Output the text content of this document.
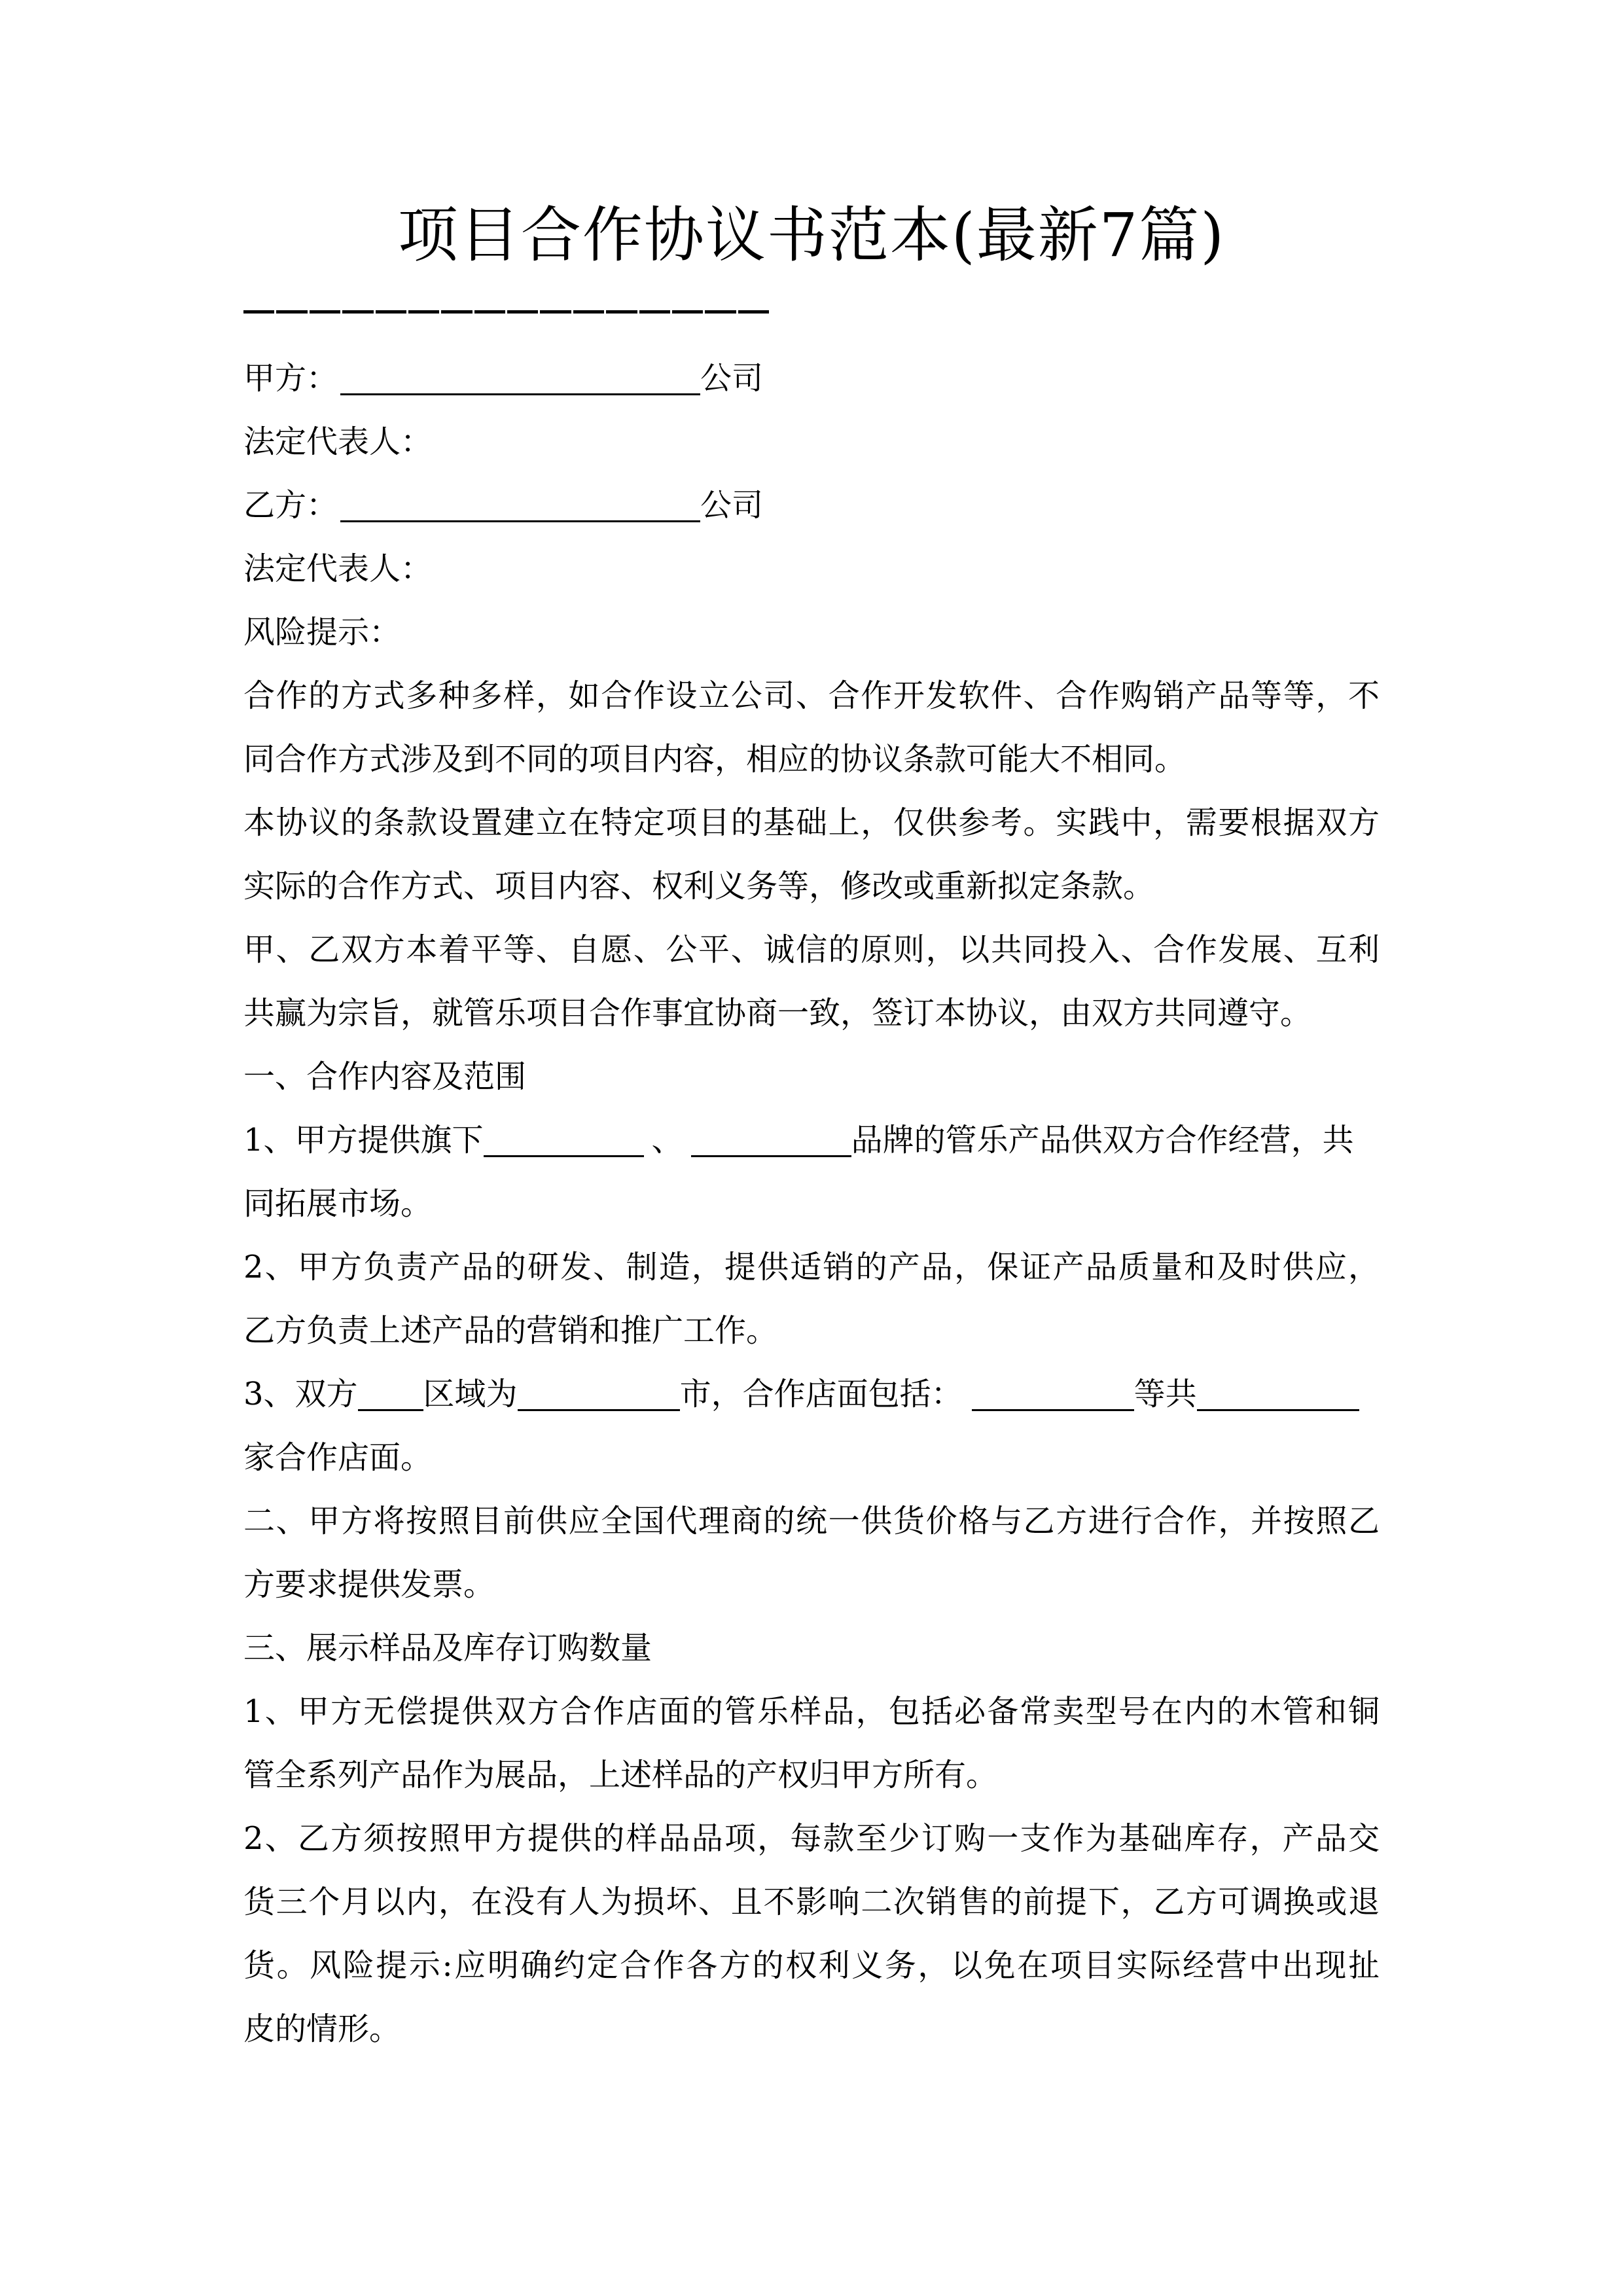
项目合作协议书范本(最新7篇)
甲方：	公司
法定代表人：
乙方：	公司
法定代表人：
风险提示：
合作的方式多种多样，如合作设立公司、合作开发软件、合作购销产品等等，不
同合作方式涉及到不同的项目内容，相应的协议条款可能大不相同。
本协议的条款设置建立在特定项目的基础上，仅供参考。实践中，需要根据双方
实际的合作方式、项目内容、权利义务等，修改或重新拟定条款。
甲、乙双方本着平等、自愿、公平、诚信的原则，以共同投入、合作发展、互利
共赢为宗旨，就管乐项目合作事宜协商一致，签订本协议，由双方共同遵守。
一、合作内容及范围
1、甲方提供旗下	、	品牌的管乐产品供双方合作经营，共
同拓展市场。
2、甲方负责产品的研发、制造，提供适销的产品，保证产品质量和及时供应，
乙方负责上述产品的营销和推广工作。
3、双方 区域为	市，合作店面包括：	等共
家合作店面。
二、甲方将按照目前供应全国代理商的统一供货价格与乙方进行合作，并按照乙
方要求提供发票。
三、展示样品及库存订购数量
1、甲方无偿提供双方合作店面的管乐样品，包括必备常卖型号在内的木管和铜
管全系列产品作为展品，上述样品的产权归甲方所有。
2、乙方须按照甲方提供的样品品项，每款至少订购一支作为基础库存，产品交
货三个月以内，在没有人为损坏、且不影响二次销售的前提下，乙方可调换或退
货。风险提示:应明确约定合作各方的权利义务，以免在项目实际经营中出现扯
皮的情形。
